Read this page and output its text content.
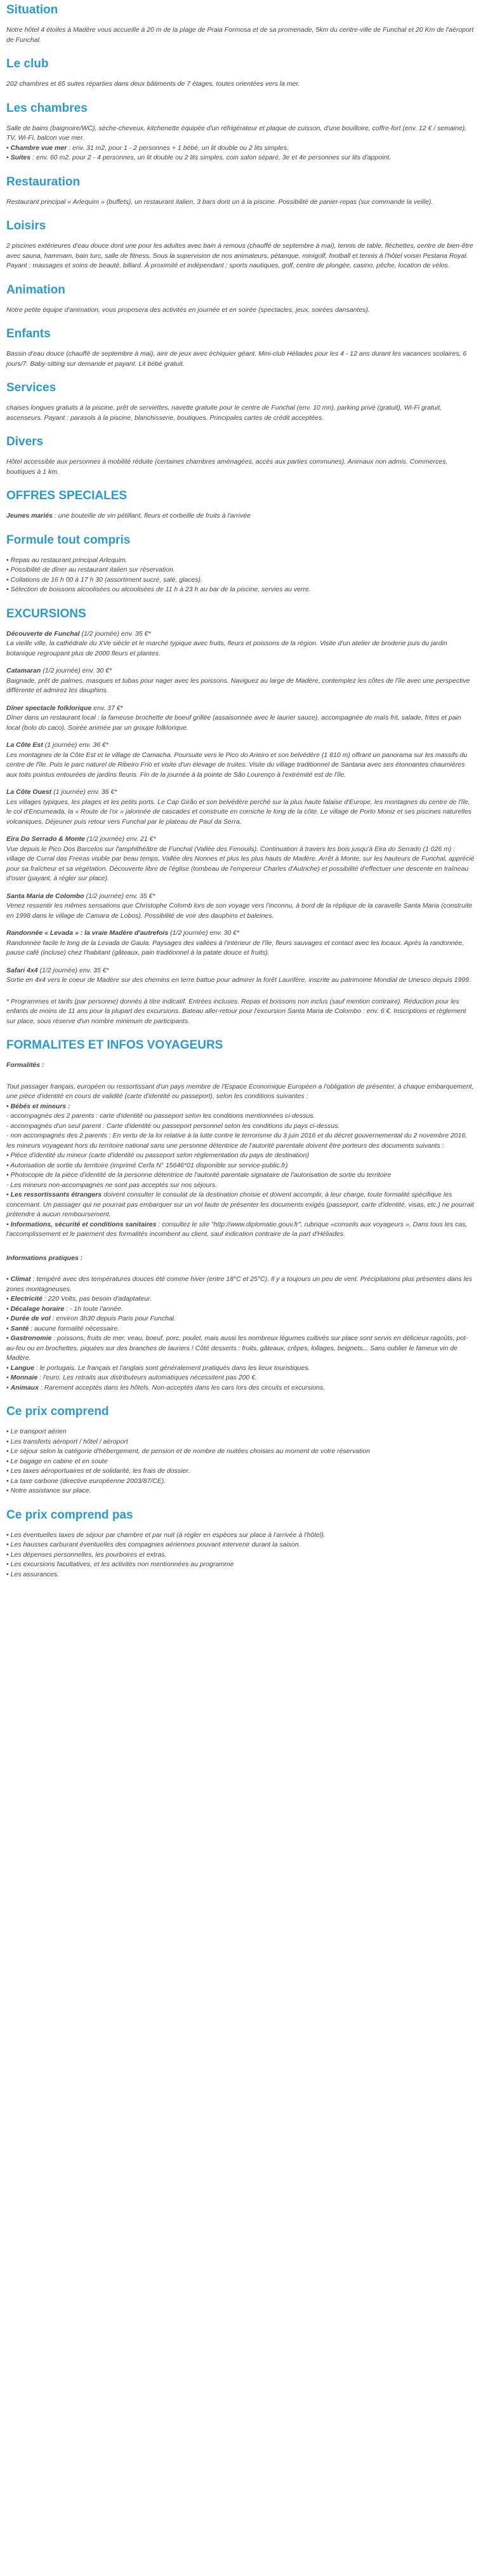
Situation

Notre hôtel 4 étoiles à Madère vous accueille à 20 m de la plage de Praia Formosa et de sa promenade, 5km du centre-ville de Funchal et 20 Km de l'aéroport de Funchal.

Le club

202 chambres et 65 suites réparties dans deux bâtiments de 7 étages, toutes orientées vers la mer.

Les chambres

Salle de bains (baignoire/WC), sèche-cheveux, kitchenette équipée d'un réfrigérateur et plaque de cuisson, d'une bouilloire, coffre-fort (env. 12 € / semaine), TV, Wi-Fi, balcon vue mer.

• Chambre vue mer : env. 31 m2, pour 1 - 2 personnes + 1 bébé, un lit double ou 2 lits simples.
• Suites : env. 60 m2, pour 2 - 4 personnes, un lit double ou 2 lits simples, coin salon séparé, 3e et 4e personnes sur lits d'appoint.
Restauration

Restaurant principal « Arlequim » (buffets), un restaurant italien, 3 bars dont un à la piscine. Possibilité de panier-repas (sur commande la veille).

Loisirs

2 piscines extérieures d'eau douce dont une pour les adultes avec bain à remous (chauffé de septembre à mai), tennis de table, fléchettes, centre de bien-être avec sauna, hammam, bain turc, salle de fitness. Sous la supervision de nos animateurs, pétanque, minigolf, football et tennis à l'hôtel voisin Pestana Royal. Payant : massages et soins de beauté, billard. À proximité et indépendant : sports nautiques, golf, centre de plongée, casino, pêche, location de vélos.

Animation

Notre petite équipe d'animation, vous proposera des activités en journée et en soirée (spectacles, jeux, soirées dansantes).

Enfants

Bassin d'eau douce (chauffé de septembre à mai), aire de jeux avec échiquier géant. Mini-club Héliades pour les 4 - 12 ans durant les vacances scolaires, 6 jours/7. Baby-sitting sur demande et payant. Lit bébé gratuit.

Services

chaises longues gratuits à la piscine, prêt de serviettes, navette gratuite pour le centre de Funchal (env. 10 mn), parking privé (gratuit), Wi-Fi gratuit, ascenseurs. Payant : parasols à la piscine, blanchisserie, boutiques. Principales cartes de crédit acceptées.

Divers

Hôtel accessible aux personnes à mobilité réduite (certaines chambres aménagées, accès aux parties communes). Animaux non admis. Commerces, boutiques à 1 km.

OFFRES SPECIALES

Jeunes mariés : une bouteille de vin pétillant, fleurs et corbeille de fruits à l'arrivée

Formule tout compris
• Repas au restaurant principal Arlequim.
• Possibilité de dîner au restaurant italien sur réservation.
• Collations de 16 h 00 à 17 h 30 (assortiment sucré, salé, glaces).
• Sélection de boissons alcoolisées ou alcoolisées de 11 h à 23 h au bar de la piscine, servies au verre.
EXCURSIONS
Découverte de Funchal (1/2 journée) env. 35 €*
La vieille ville, la cathédrale du XVe siècle et le marché typique avec fruits, fleurs et poissons de la région. Visite d'un atelier de broderie puis du jardin botanique regroupant plus de 2000 fleurs et plantes.
Catamaran (1/2 journée) env. 30 €*
Baignade, prêt de palmes, masques et tubas pour nager avec les poissons. Naviguez au large de Madère, contemplez les côtes de l'île avec une perspective différente et admirez les dauphins.
Dîner spectacle folklorique env. 37 €*
Dîner dans un restaurant local : la fameuse brochette de boeuf grillée (assaisonnée avec le laurier sauce), accompagnée de maïs frit, salade, frites et pain local (bolo do caco). Soirée animée par un groupe folklorique.
La Côte Est (1 journée) env. 36 €*
Les montagnes de la Côte Est et le village de Camacha. Poursuite vers le Pico do Arieiro et son belvédère (1 810 m) offrant un panorama sur les massifs du centre de l'île. Puis le parc naturel de Ribeiro Frio et visite d'un élevage de truites. Visite du village traditionnel de Santana avec ses étonnantes chaumières aux toits pointus entourées de jardins fleuris. Fin de la journée à la pointe de São Lourenço à l'extrémité est de l'île.
La Côte Ouest (1 journée) env. 36 €*
Les villages typiques, les plages et les petits ports. Le Cap Girão et son belvédère perché sur la plus haute falaise d'Europe, les montagnes du centre de l'île, le col d'Encumeada, la « Route de l'or » jalonnée de cascades et construite en corniche le long de la côte. Le village de Porto Moniz et ses piscines naturelles volcaniques. Déjeuner puis retour vers Funchal par le plateau de Paul da Serra.
Eira Do Serrado & Monte (1/2 journée) env. 21 €*
Vue depuis le Pico Dos Barcelos sur l'amphithéâtre de Funchal (Vallée des Fenouils). Continuation à travers les bois jusqu'à Eira do Serrado (1 026 m) : village de Curral das Freiras visible par beau temps, Vallée des Nonnes et plus les plus hauts de Madère. Arrêt à Monte, sur les hauteurs de Funchal, apprécié pour sa fraîcheur et sa végétation. Découverte libre de l'église (tombeau de l'empereur Charles d'Autriche) et possibilité d'effectuer une descente en traîneau d'osier (payant, à régler sur place).
Santa Maria de Colombo (1/2 journée) env. 35 €*
Venez ressentir les mêmes sensations que Christophe Colomb lors de son voyage vers l'inconnu, à bord de la réplique de la caravelle Santa Maria (construite en 1998 dans le village de Camara de Lobos). Possibilité de voir des dauphins et baleines.
Randonnée « Levada » : la vraie Madère d'autrefois (1/2 journée) env. 30 €*
Randonnée facile le long de la Levada de Gaula. Paysages des vallées à l'intérieur de l'île, fleurs sauvages et contact avec les locaux. Après la randonnée, pause café (incluse) chez l'habitant (gâteaux, pain traditionnel à la patate douce et fruits).
Safari 4x4 (1/2 journée) env. 35 €*
Sortie en 4x4 vers le coeur de Madère sur des chemins en terre battue pour admirer la forêt Laurifère, inscrite au patrimoine Mondial de Unesco depuis 1999.

* Programmes et tarifs (par personne) donnés à titre indicatif. Entrées incluses. Repas et boissons non inclus (sauf mention contraire). Réduction pour les enfants de moins de 11 ans pour la plupart des excursions. Bateau aller-retour pour l'excursion Santa Maria de Colombo : env. 6 €. Inscriptions et règlement sur place, sous réserve d'un nombre minimum de participants.

FORMALITES ET INFOS VOYAGEURS

Formalités :

Tout passager français, européen ou ressortissant d'un pays membre de l'Espace Economique Européen a l'obligation de présenter, à chaque embarquement, une pièce d'identité en cours de validité (carte d'identité ou passeport), selon les conditions suivantes :

• Bébés et mineurs :
- accompagnés des 2 parents : carte d'identité ou passeport selon les conditions mentionnées ci-dessus.
- accompagnés d'un seul parent : Carte d'identité ou passeport personnel selon les conditions du pays ci-dessus.
- non accompagnés des 2 parents : En vertu de la loi relative à la lutte contre le terrorisme du 3 juin 2016 et du décret gouvernemental du 2 novembre 2016, les mineurs voyageant hors du territoire national sans une personne détentrice de l'autorité parentale doivent être porteurs des documents suivants :
• Pièce d'identité du mineur (carte d'identité ou passeport selon réglementation du pays de destination)
• Autorisation de sortie du territoire (imprimé Cerfa N° 15646*01 disponible sur service-public.fr)
• Photocopie de la pièce d'identité de la personne détentrice de l'autorité parentale signataire de l'autorisation de sortie du territoire
- Les mineurs non-accompagnés ne sont pas acceptés sur nos séjours.
• Les ressortissants étrangers doivent consulter le consulat de la destination choisie et doivent accomplir, à leur charge, toute formalité spécifique les concernant. Un passager qui ne pourrait pas embarquer sur un vol faute de présenter les documents exigés (passeport, carte d'identité, visas, etc.) ne pourrait prétendre à aucun remboursement.
• Informations, sécurité et conditions sanitaires : consultez le site "http://www.diplomatie.gouv.fr", rubrique «conseils aux voyageurs ». Dans tous les cas, l'accomplissement et le paiement des formalités incombent au client, sauf indication contraire de la part d'Héliades.

Informations pratiques :

• Climat : tempéré avec des températures douces été comme hiver (entre 18°C et 25°C). Il y a toujours un peu de vent. Précipitations plus présentes dans les zones montagneuses.
• Electricité : 220 Volts, pas besoin d'adaptateur.
• Décalage horaire : - 1h toute l'année.
• Durée de vol : environ 3h30 depuis Paris pour Funchal.
• Santé : aucune formalité nécessaire.
• Gastronomie : poissons, fruits de mer, veau, boeuf, porc, poulet, mais aussi les nombreux légumes cultivés sur place sont servis en délicieux ragoûts, pot-au-feu ou en brochettes, piquées sur des branches de lauriers ! Côté desserts : fruits, gâteaux, crêpes, lollages, beignets... Sans oublier le fameux vin de Madère.
• Langue : le portugais. Le français et l'anglais sont généralement pratiqués dans les lieux touristiques.
• Monnaie : l'euro. Les retraits aux distributeurs automatiques nécessitent pas 200 €.
• Animaux : Rarement acceptés dans les hôtels. Non-acceptés dans les cars lors des circuits et excursions.
Ce prix comprend
• Le transport aérien
• Les transferts aéroport / hôtel / aéroport
• Le séjour selon la catégorie d'hébergement, de pension et de nombre de nuitées choisies au moment de votre réservation
• Le bagage en cabine et en soute
• Les taxes aéroportuaires et de solidarité, les frais de dossier.
• La taxe carbone (directive européenne 2003/87/CE).
• Notre assistance sur place.
Ce prix comprend pas
• Les éventuelles taxes de séjour par chambre et par nuit (à régler en espèces sur place à l'arrivée à l'hôtel).
• Les hausses carburant éventuelles des compagnies aériennes pouvant intervenir durant la saison.
• Les dépenses personnelles, les pourboires et extras.
• Les excursions facultatives, et les activités non mentionnées au programme
• Les assurances.
